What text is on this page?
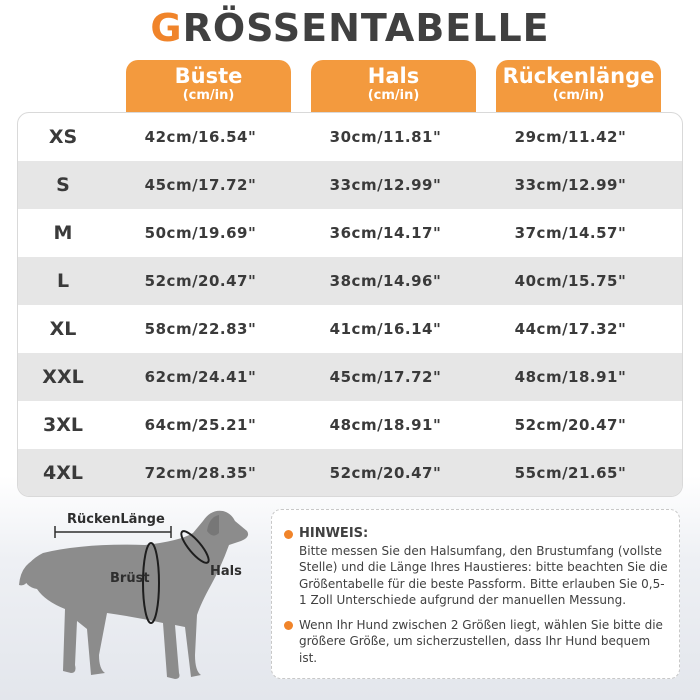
GRÖSSENTABELLE
Büste
(cm/in)
Hals
(cm/in)
Rückenlänge
(cm/in)
XS	42cm/16.54"	30cm/11.81"	29cm/11.42"
S	45cm/17.72"	33cm/12.99"	33cm/12.99"
M	50cm/19.69"	36cm/14.17"	37cm/14.57"
L	52cm/20.47"	38cm/14.96"	40cm/15.75"
XL	58cm/22.83"	41cm/16.14"	44cm/17.32"
XXL	62cm/24.41"	45cm/17.72"	48cm/18.91"
3XL	64cm/25.21"	48cm/18.91"	52cm/20.47"
4XL	72cm/28.35"	52cm/20.47"	55cm/21.65"
RückenLänge
Brüst	Hals
HINWEIS:
Bitte messen Sie den Halsumfang, den Brustumfang (vollste Stelle) und die Länge Ihres Haustieres: bitte beachten Sie die Größentabelle für die beste Passform. Bitte erlauben Sie 0,5-1 Zoll Unterschiede aufgrund der manuellen Messung.
Wenn Ihr Hund zwischen 2 Größen liegt, wählen Sie bitte die größere Größe, um sicherzustellen, dass Ihr Hund bequem ist.
